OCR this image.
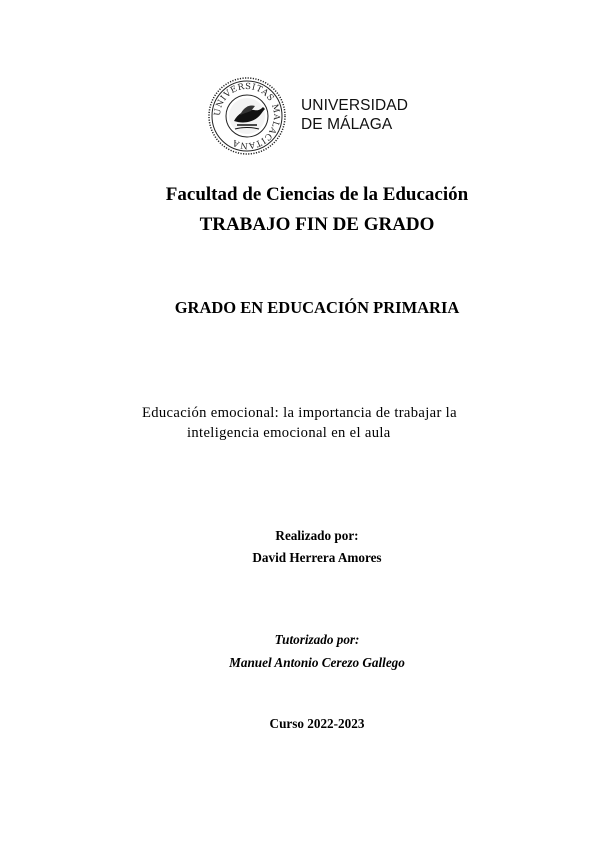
UNIVERSITAS MALACITANA
UNIVERSIDAD
DE MÁLAGA
Facultad de Ciencias de la Educación
TRABAJO FIN DE GRADO
GRADO EN EDUCACIÓN PRIMARIA
Educación emocional: la importancia de trabajar la
inteligencia emocional en el aula
Realizado por:
David Herrera Amores
Tutorizado por:
Manuel Antonio Cerezo Gallego
Curso 2022-2023
